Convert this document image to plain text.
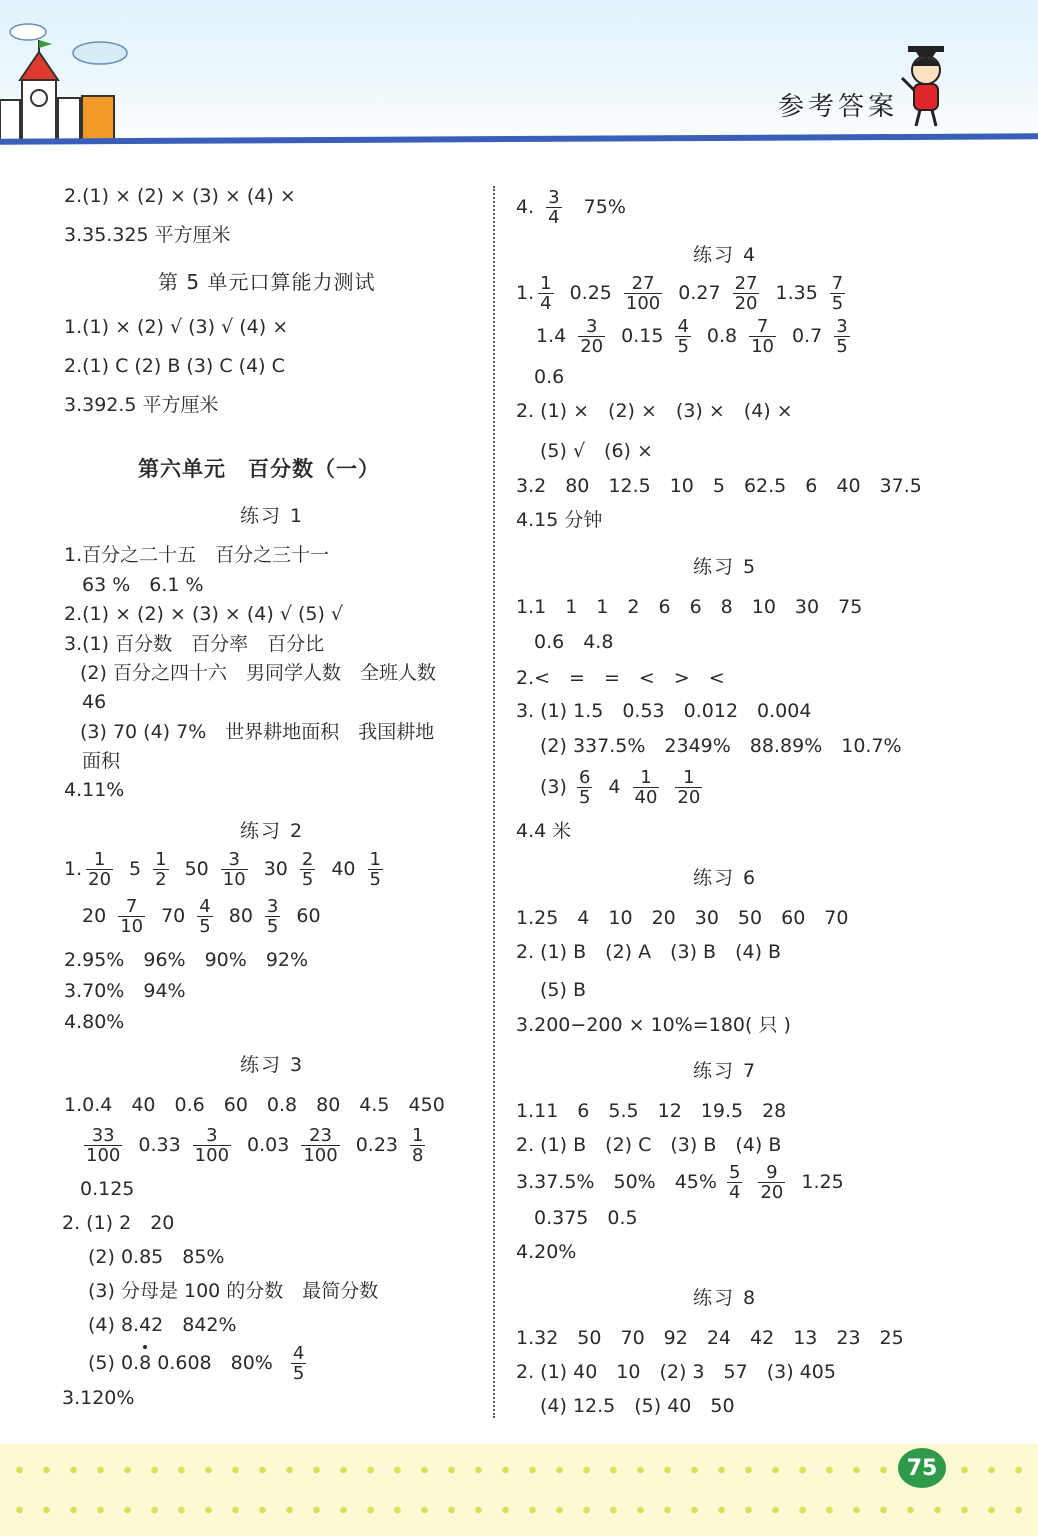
参考答案
2.(1) × (2) × (3) × (4) ×
3.35.325 平方厘米
第 5 单元口算能力测试
1.(1) × (2) √ (3) √ (4) ×
2.(1) C (2) B (3) C (4) C
3.392.5 平方厘米
第六单元　百分数（一）
练习 1
1.百分之二十五　百分之三十一
63 %　6.1 %
2.(1) × (2) × (3) × (4) √ (5) √
3.(1) 百分数　百分率　百分比
(2) 百分之四十六　男同学人数　全班人数
46
(3) 70 (4) 7%　世界耕地面积　我国耕地
面积
4.11%
练习 2
1. $\frac{1}{20} 5 \frac{1}{2} 50 \frac{3}{10} 30 \frac{2}{5} 40 \frac{1}{5}$
$20 \frac{7}{10} 70 \frac{4}{5} 80 \frac{3}{5} 60$
2.95%　96%　90%　92%
3.70%　94%
4.80%
练习 3
1.0.4　40　0.6　60　0.8　80　4.5　450
$\frac{33}{100} 0.33 \frac{3}{100} 0.03 \frac{23}{100} 0.23 \frac{1}{8}$
0.125
2. (1) 2　20
(2) 0.85　85%
(3) 分母是 100 的分数　最简分数
(4) 8.42　842%
(5) 0.8 0.608　$80\% \frac{4}{5}$
3.120%
4. $\frac{3}{4} 75\%$
练习 4
1. $\frac{1}{4} 0.25 \frac{27}{100} 0.27 \frac{27}{20} 1.35 \frac{7}{5}$
$1.4 \frac{3}{20} 0.15 \frac{4}{5} 0.8 \frac{7}{10} 0.7 \frac{3}{5}$
0.6
2. (1) ×　(2) ×　(3) ×　(4) ×
(5) √　(6) ×
3.2　80　12.5　10　5　62.5　6　40　37.5
4.15 分钟
练习 5
1.1　1　1　2　6　6　8　10　30　75
0.6　4.8
2.<　=　=　<　>　<
3. (1) 1.5　0.53　0.012　0.004
(2) 337.5%　2349%　88.89%　10.7%
$(3) \frac{6}{5} 4 \frac{1}{40} \frac{1}{20}$
4.4 米
练习 6
1.25　4　10　20　30　50　60　70
2. (1) B　(2) A　(3) B　(4) B
(5) B
3.200−200 × 10%=180( 只 )
练习 7
1.11　6　5.5　12　19.5　28
2. (1) B　(2) C　(3) B　(4) B
3.37.5%　50%　$45\% \frac{5}{4} \frac{9}{20} 1.25$
0.375　0.5
4.20%
练习 8
1.32　50　70　92　24　42　13　23　25
2. (1) 40　10　(2) 3　57　(3) 405
(4) 12.5　(5) 40　50
75
